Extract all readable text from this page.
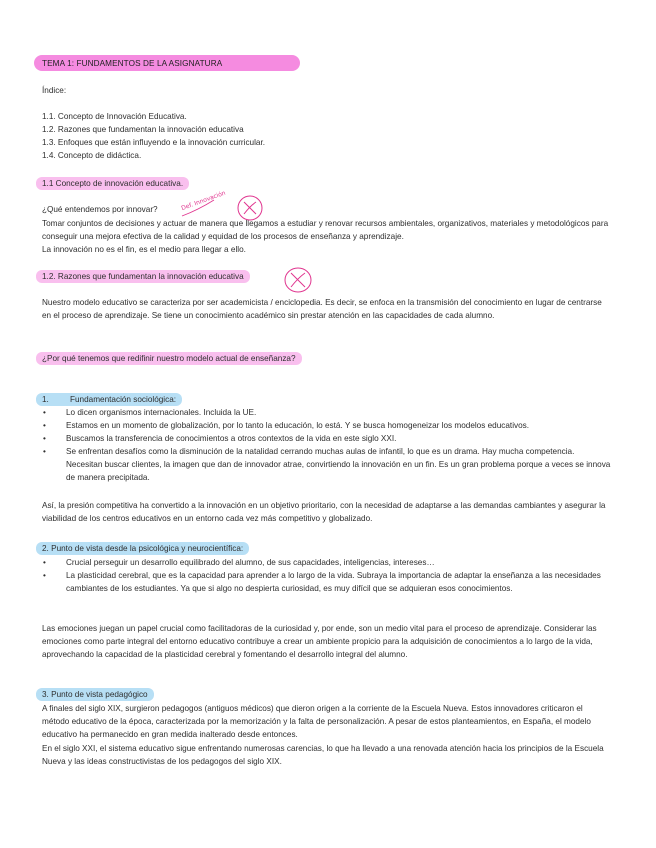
TEMA 1: FUNDAMENTOS DE LA ASIGNATURA
Índice:
1.1. Concepto de Innovación Educativa.
1.2. Razones que fundamentan la innovación educativa
1.3. Enfoques que están influyendo e la innovación curricular.
1.4. Concepto de didáctica.
1.1 Concepto de innovación educativa.
¿Qué entendemos por innovar?
Tomar conjuntos de decisiones y actuar de manera que llegamos a estudiar y renovar recursos ambientales, organizativos, materiales y metodológicos para conseguir una mejora efectiva de la calidad y equidad de los procesos de enseñanza y aprendizaje.
La innovación no es el fin, es el medio para llegar a ello.
Def. Innovación
1.2. Razones que fundamentan la innovación educativa
Nuestro modelo educativo se caracteriza por ser academicista / enciclopedia. Es decir, se enfoca en la transmisión del conocimiento en lugar de centrarse en el proceso de aprendizaje. Se tiene un conocimiento académico sin prestar atención en las capacidades de cada alumno.
¿Por qué tenemos que redifinir nuestro modelo actual de enseñanza?
1.	Fundamentación sociológica:
• Lo dicen organismos internacionales. Incluida la UE.
• Estamos en un momento de globalización, por lo tanto la educación, lo está. Y se busca homogeneizar los modelos educativos.
• Buscamos la transferencia de conocimientos a otros contextos de la vida en este siglo XXI.
• Se enfrentan desafíos como la disminución de la natalidad cerrando muchas aulas de infantil, lo que es un drama. Hay mucha competencia. Necesitan buscar clientes, la imagen que dan de innovador atrae, convirtiendo la innovación en un fin. Es un gran problema porque a veces se innova de manera precipitada.
Así, la presión competitiva ha convertido a la innovación en un objetivo prioritario, con la necesidad de adaptarse a las demandas cambiantes y asegurar la viabilidad de los centros educativos en un entorno cada vez más competitivo y globalizado.
2. Punto de vista desde la psicológica y neurocientífica:
• Crucial perseguir un desarrollo equilibrado del alumno, de sus capacidades, inteligencias, intereses…
• La plasticidad cerebral, que es la capacidad para aprender a lo largo de la vida. Subraya la importancia de adaptar la enseñanza a las necesidades cambiantes de los estudiantes. Ya que si algo no despierta curiosidad, es muy difícil que se adquieran esos conocimientos.
Las emociones juegan un papel crucial como facilitadoras de la curiosidad y, por ende, son un medio vital para el proceso de aprendizaje. Considerar las emociones como parte integral del entorno educativo contribuye a crear un ambiente propicio para la adquisición de conocimientos a lo largo de la vida, aprovechando la capacidad de la plasticidad cerebral y fomentando el desarrollo integral del alumno.
3. Punto de vista pedagógico
A finales del siglo XIX, surgieron pedagogos (antiguos médicos) que dieron origen a la corriente de la Escuela Nueva. Estos innovadores criticaron el método educativo de la época, caracterizada por la memorización y la falta de personalización. A pesar de estos planteamientos, en España, el modelo educativo ha permanecido en gran medida inalterado desde entonces.
En el siglo XXI, el sistema educativo sigue enfrentando numerosas carencias, lo que ha llevado a una renovada atención hacia los principios de la Escuela Nueva y las ideas constructivistas de los pedagogos del siglo XIX.
